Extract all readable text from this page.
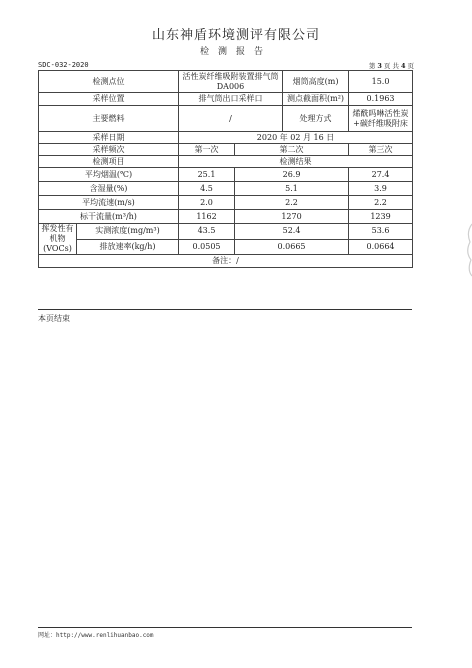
山东神盾环境测评有限公司
检测报告
SDC-032-2020	第 3 页 共 4 页
检测点位		活性炭纤维吸附装置排气筒 DA006		烟筒高度(m)	15.0
采样位置		排气筒出口采样口		测点截面积(m²)	0.1963
主要燃料		/		处理方式	烯酰吗啉活性炭+碳纤维吸附床
采样日期		2020 年 02 月 16 日			
采样频次		第一次	第二次		第三次
检测项目		检测结果			
平均烟温(℃)		25.1	26.9		27.4
含湿量(%)		4.5	5.1		3.9
平均流速(m/s)		2.0	2.2		2.2
标干流量(m³/h)		1162	1270		1239
挥发性有机物(VOCs)	实测浓度(mg/m³)	43.5	52.4		53.6
	排放速率(kg/h)	0.0505	0.0665		0.0664
备注：/					
本页结束
网址：http://www.renlihuanbao.com
